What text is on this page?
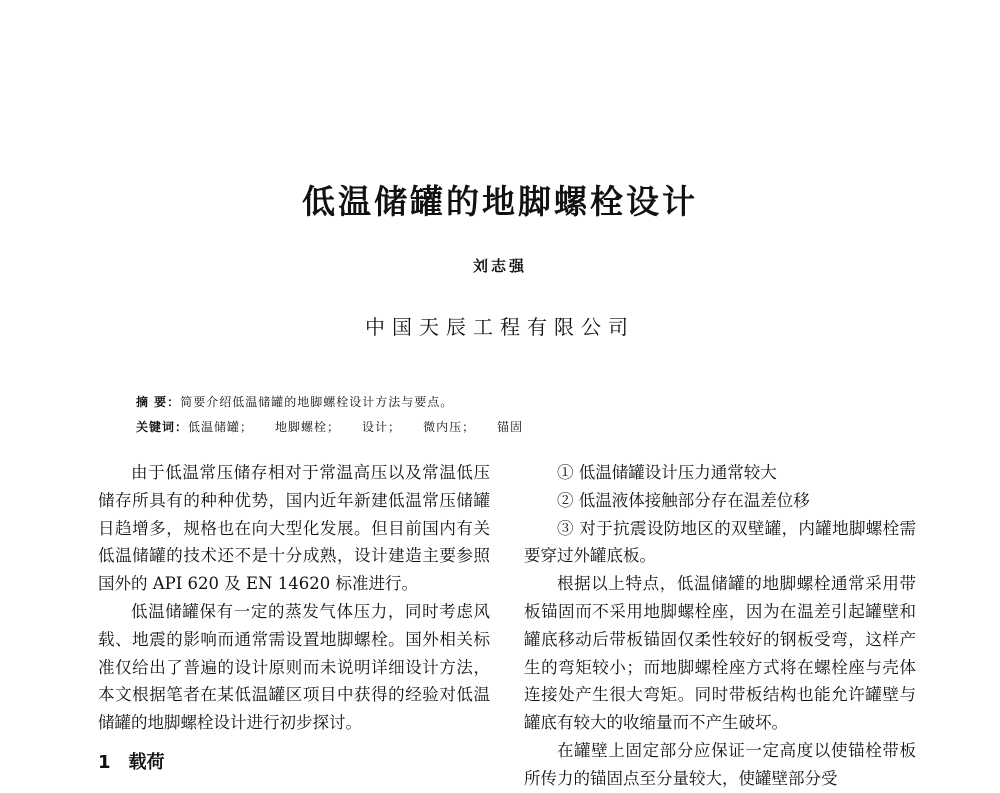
低温储罐的地脚螺栓设计
刘志强
中国天辰工程有限公司
摘 要：简要介绍低温储罐的地脚螺栓设计方法与要点。
关键词：低温储罐； 地脚螺栓； 设计； 微内压； 锚固

由于低温常压储存相对于常温高压以及常温低压储存所具有的种种优势，国内近年新建低温常压储罐日趋增多，规格也在向大型化发展。但目前国内有关低温储罐的技术还不是十分成熟，设计建造主要参照国外的 API 620 及 EN 14620 标准进行。

低温储罐保有一定的蒸发气体压力，同时考虑风载、地震的影响而通常需设置地脚螺栓。国外相关标准仅给出了普遍的设计原则而未说明详细设计方法，本文根据笔者在某低温罐区项目中获得的经验对低温储罐的地脚螺栓设计进行初步探讨。

1 载荷
① 低温储罐设计压力通常较大
② 低温液体接触部分存在温差位移
③ 对于抗震设防地区的双壁罐，内罐地脚螺栓需要穿过外罐底板。

根据以上特点，低温储罐的地脚螺栓通常采用带板锚固而不采用地脚螺栓座，因为在温差引起罐壁和罐底移动后带板锚固仅柔性较好的钢板受弯，这样产生的弯矩较小；而地脚螺栓座方式将在螺栓座与壳体连接处产生很大弯矩。同时带板结构也能允许罐壁与罐底有较大的收缩量而不产生破坏。

在罐壁上固定部分应保证一定高度以使锚栓带板所传力的锚固点至分量较大，使罐壁部分受
